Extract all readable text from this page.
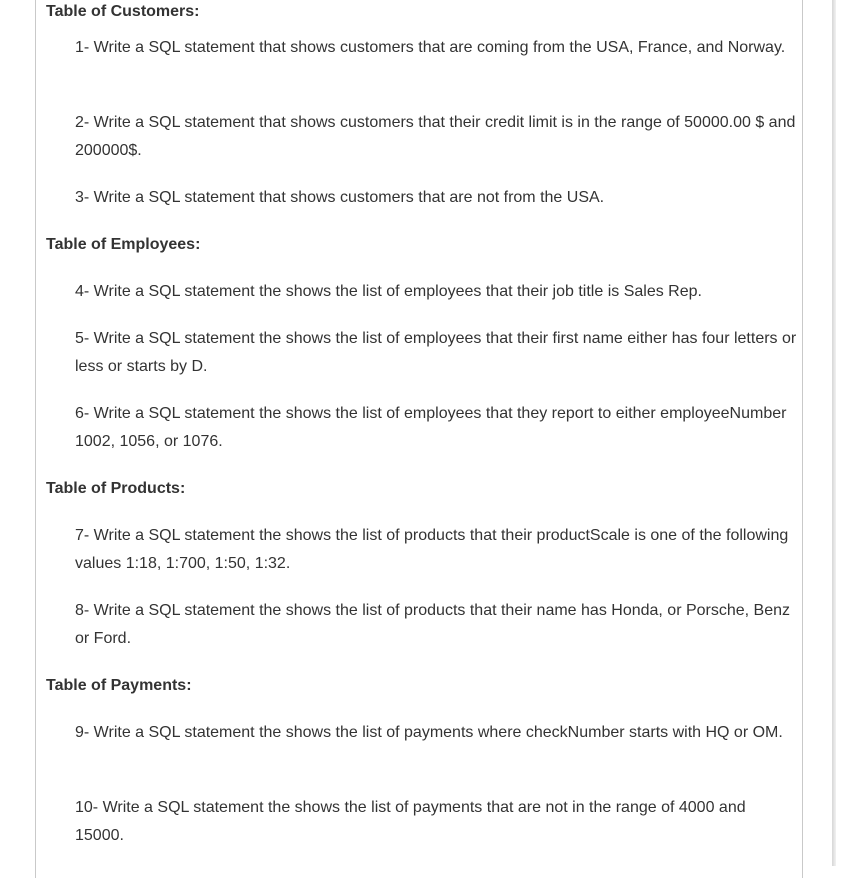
Table of Customers:
1- Write a SQL statement that shows customers that are coming from the USA, France, and Norway.
2- Write a SQL statement that shows customers that their credit limit is in the range of 50000.00 $ and 200000$.
3- Write a SQL statement that shows customers that are not from the USA.
Table of Employees:
4- Write a SQL statement the shows the list of employees that their job title is Sales Rep.
5- Write a SQL statement the shows the list of employees that their first name either has four letters or less or starts by D.
6- Write a SQL statement the shows the list of employees that they report to either employeeNumber 1002, 1056, or 1076.
Table of Products:
7- Write a SQL statement the shows the list of products that their productScale is one of the following values 1:18, 1:700, 1:50, 1:32.
8- Write a SQL statement the shows the list of products that their name has Honda, or Porsche, Benz or Ford.
Table of Payments:
9- Write a SQL statement the shows the list of payments where checkNumber starts with HQ or OM.
10- Write a SQL statement the shows the list of payments that are not in the range of 4000 and 15000.
